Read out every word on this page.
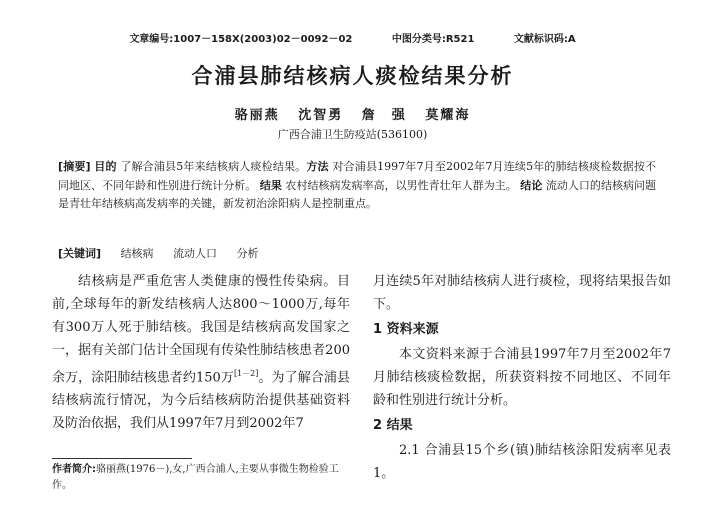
文章编号:1007－158X(2003)02－0092－02	中图分类号:R521	文献标识码:A
合浦县肺结核病人痰检结果分析
骆丽燕 沈智勇 詹　强 莫耀海
广西合浦卫生防疫站(536100)
[摘要] 目的 了解合浦县5年来结核病人痰检结果。方法 对合浦县1997年7月至2002年7月连续5年的肺结核痰检数据按不同地区、不同年龄和性别进行统计分析。 结果 农村结核病发病率高，以男性青壮年人群为主。 结论 流动人口的结核病问题是青壮年结核病高发病率的关键，新发初治涂阳病人是控制重点。
[关键词] 结核病 流动人口 分析

结核病是严重危害人类健康的慢性传染病。目前,全球每年的新发结核病人达800～1000万,每年有300万人死于肺结核。我国是结核病高发国家之一，据有关部门估计全国现有传染性肺结核患者200余万，涂阳肺结核患者约150万[1－2]。为了解合浦县结核病流行情况，为今后结核病防治提供基础资料及防治依据，我们从1997年7月到2002年7

月连续5年对肺结核病人进行痰检，现将结果报告如下。

1 资料来源

本文资料来源于合浦县1997年7月至2002年7月肺结核痰检数据，所获资料按不同地区、不同年龄和性别进行统计分析。

2 结果

2.1 合浦县15个乡(镇)肺结核涂阳发病率见表1。

作者简介:骆丽燕(1976－),女,广西合浦人,主要从事微生物检验工作。
